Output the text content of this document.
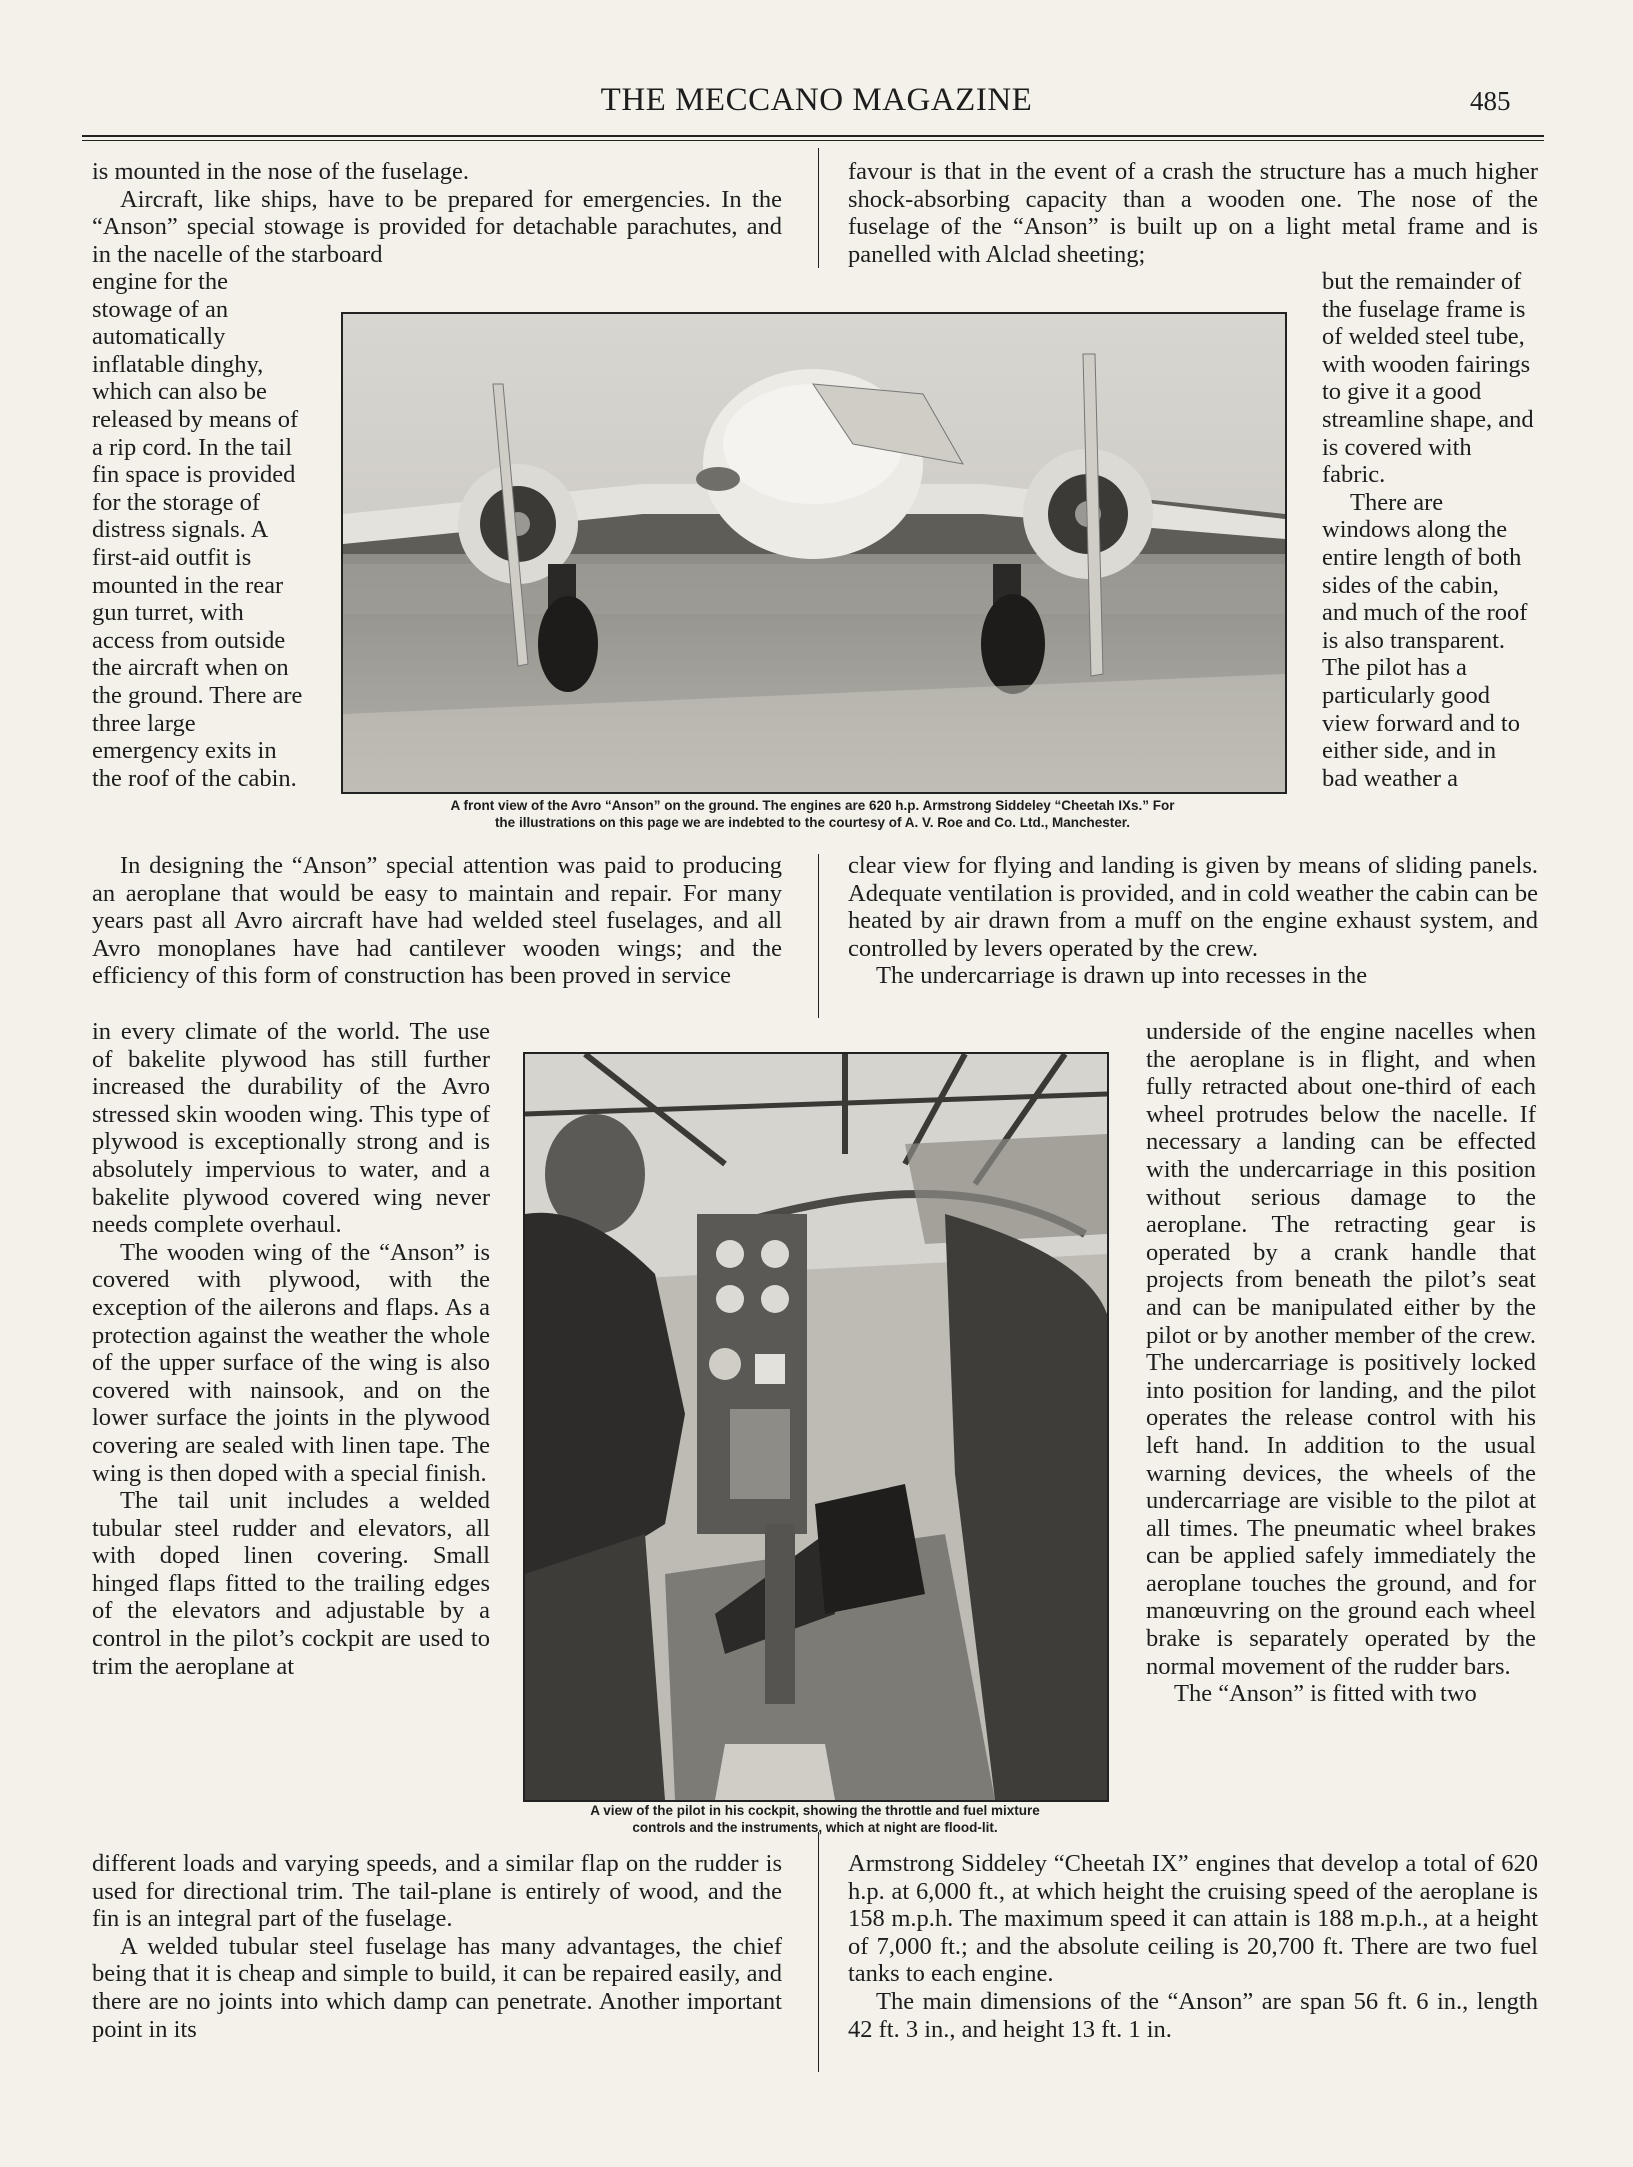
THE MECCANO MAGAZINE	485

is mounted in the nose of the fuselage.

Aircraft, like ships, have to be prepared for emergencies. In the “Anson” special stowage is provided for detachable parachutes, and in the nacelle of the starboard

engine for the stowage of an automatically inflatable dinghy, which can also be released by means of a rip cord. In the tail fin space is provided for the storage of distress signals. A first-aid outfit is mounted in the rear gun turret, with access from outside the aircraft when on the ground. There are three large emergency exits in the roof of the cabin.

In designing the “Anson” special attention was paid to producing an aeroplane that would be easy to maintain and repair. For many years past all Avro aircraft have had welded steel fuselages, and all Avro monoplanes have had cantilever wooden wings; and the efficiency of this form of construction has been proved in service

in every climate of the world. The use of bakelite plywood has still further increased the durability of the Avro stressed skin wooden wing. This type of plywood is exceptionally strong and is absolutely impervious to water, and a bakelite plywood covered wing never needs complete overhaul.

The wooden wing of the “Anson” is covered with plywood, with the exception of the ailerons and flaps. As a protection against the weather the whole of the upper surface of the wing is also covered with nainsook, and on the lower surface the joints in the plywood covering are sealed with linen tape. The wing is then doped with a special finish.

The tail unit includes a welded tubular steel rudder and elevators, all with doped linen covering. Small hinged flaps fitted to the trailing edges of the elevators and adjustable by a control in the pilot’s cockpit are used to trim the aeroplane at

different loads and varying speeds, and a similar flap on the rudder is used for directional trim. The tail-plane is entirely of wood, and the fin is an integral part of the fuselage.

A welded tubular steel fuselage has many advantages, the chief being that it is cheap and simple to build, it can be repaired easily, and there are no joints into which damp can penetrate. Another important point in its

favour is that in the event of a crash the structure has a much higher shock-absorbing capacity than a wooden one. The nose of the fuselage of the “Anson” is built up on a light metal frame and is panelled with Alclad sheeting;

but the remainder of the fuselage frame is of welded steel tube, with wooden fairings to give it a good streamline shape, and is covered with fabric.

There are windows along the entire length of both sides of the cabin, and much of the roof is also transparent. The pilot has a particularly good view forward and to either side, and in bad weather a

clear view for flying and landing is given by means of sliding panels. Adequate ventilation is provided, and in cold weather the cabin can be heated by air drawn from a muff on the engine exhaust system, and controlled by levers operated by the crew.

The undercarriage is drawn up into recesses in the

underside of the engine nacelles when the aeroplane is in flight, and when fully retracted about one-third of each wheel protrudes below the nacelle. If necessary a landing can be effected with the undercarriage in this position without serious damage to the aeroplane. The retracting gear is operated by a crank handle that projects from beneath the pilot’s seat and can be manipulated either by the pilot or by another member of the crew. The undercarriage is positively locked into position for landing, and the pilot operates the release control with his left hand. In addition to the usual warning devices, the wheels of the undercarriage are visible to the pilot at all times. The pneumatic wheel brakes can be applied safely immediately the aeroplane touches the ground, and for manœuvring on the ground each wheel brake is separately operated by the normal movement of the rudder bars.

The “Anson” is fitted with two

Armstrong Siddeley “Cheetah IX” engines that develop a total of 620 h.p. at 6,000 ft., at which height the cruising speed of the aeroplane is 158 m.p.h. The maximum speed it can attain is 188 m.p.h., at a height of 7,000 ft.; and the absolute ceiling is 20,700 ft. There are two fuel tanks to each engine.

The main dimensions of the “Anson” are span 56 ft. 6 in., length 42 ft. 3 in., and height 13 ft. 1 in.

A front view of the Avro “Anson” on the ground. The engines are 620 h.p. Armstrong Siddeley “Cheetah IXs.” For
the illustrations on this page we are indebted to the courtesy of A. V. Roe and Co. Ltd., Manchester.
A view of the pilot in his cockpit, showing the throttle and fuel mixture
controls and the instruments, which at night are flood-lit.
